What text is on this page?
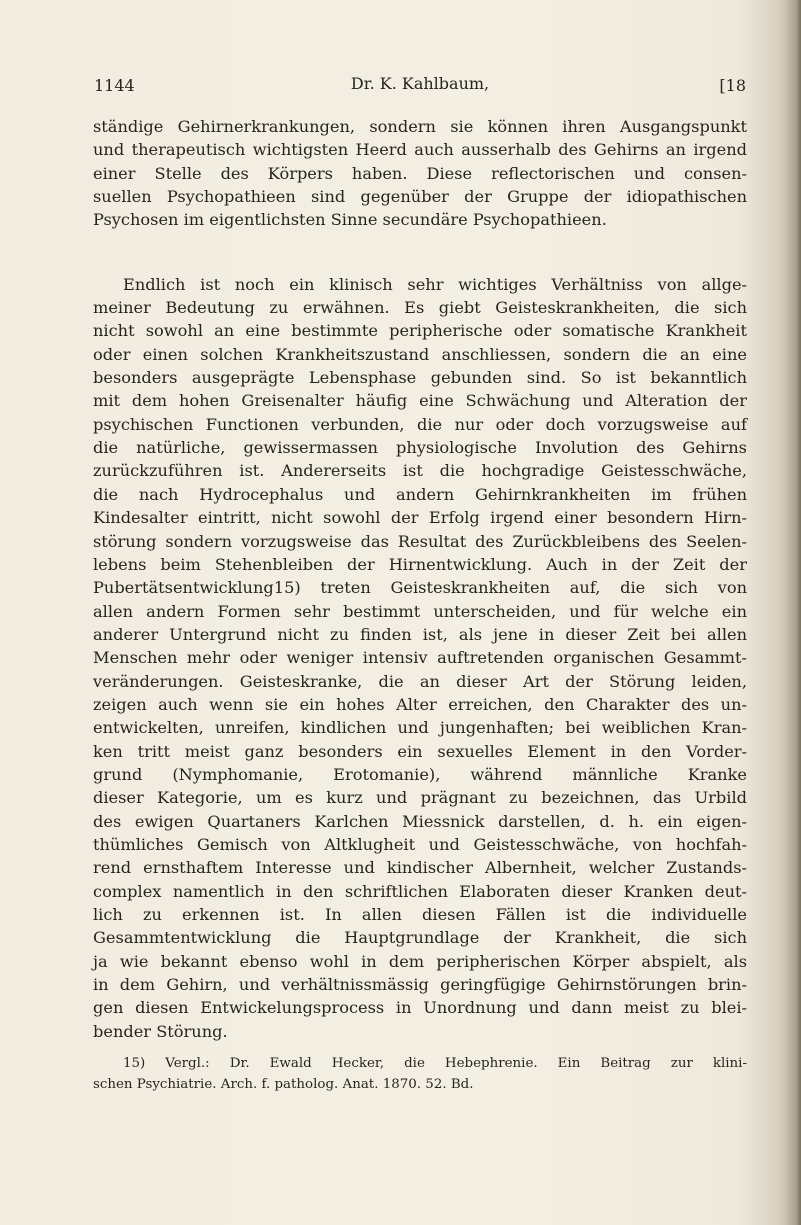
1144	Dr. K. Kahlbaum,	[18
ständige Gehirnerkrankungen, sondern sie können ihren Ausgangspunkt
und therapeutisch wichtigsten Heerd auch ausserhalb des Gehirns an irgend
einer Stelle des Körpers haben. Diese reflectorischen und consen-
suellen Psychopathieen sind gegenüber der Gruppe der idiopathischen
Psychosen im eigentlichsten Sinne secundäre Psychopathieen.
Endlich ist noch ein klinisch sehr wichtiges Verhältniss von allge-
meiner Bedeutung zu erwähnen. Es giebt Geisteskrankheiten, die sich
nicht sowohl an eine bestimmte peripherische oder somatische Krankheit
oder einen solchen Krankheitszustand anschliessen, sondern die an eine
besonders ausgeprägte Lebensphase gebunden sind. So ist bekanntlich
mit dem hohen Greisenalter häufig eine Schwächung und Alteration der
psychischen Functionen verbunden, die nur oder doch vorzugsweise auf
die natürliche, gewissermassen physiologische Involution des Gehirns
zurückzuführen ist. Andererseits ist die hochgradige Geistesschwäche,
die nach Hydrocephalus und andern Gehirnkrankheiten im frühen
Kindesalter eintritt, nicht sowohl der Erfolg irgend einer besondern Hirn-
störung sondern vorzugsweise das Resultat des Zurückbleibens des Seelen-
lebens beim Stehenbleiben der Hirnentwicklung. Auch in der Zeit der
Pubertätsentwicklung15) treten Geisteskrankheiten auf, die sich von
allen andern Formen sehr bestimmt unterscheiden, und für welche ein
anderer Untergrund nicht zu finden ist, als jene in dieser Zeit bei allen
Menschen mehr oder weniger intensiv auftretenden organischen Gesammt-
veränderungen. Geisteskranke, die an dieser Art der Störung leiden,
zeigen auch wenn sie ein hohes Alter erreichen, den Charakter des un-
entwickelten, unreifen, kindlichen und jungenhaften; bei weiblichen Kran-
ken tritt meist ganz besonders ein sexuelles Element in den Vorder-
grund (Nymphomanie, Erotomanie), während männliche Kranke
dieser Kategorie, um es kurz und prägnant zu bezeichnen, das Urbild
des ewigen Quartaners Karlchen Miessnick darstellen, d. h. ein eigen-
thümliches Gemisch von Altklugheit und Geistesschwäche, von hochfah-
rend ernsthaftem Interesse und kindischer Albernheit, welcher Zustands-
complex namentlich in den schriftlichen Elaboraten dieser Kranken deut-
lich zu erkennen ist. In allen diesen Fällen ist die individuelle
Gesammtentwicklung die Hauptgrundlage der Krankheit, die sich
ja wie bekannt ebenso wohl in dem peripherischen Körper abspielt, als
in dem Gehirn, und verhältnissmässig geringfügige Gehirnstörungen brin-
gen diesen Entwickelungsprocess in Unordnung und dann meist zu blei-
bender Störung.
15) Vergl.: Dr. Ewald Hecker, die Hebephrenie. Ein Beitrag zur klini-
schen Psychiatrie. Arch. f. patholog. Anat. 1870. 52. Bd.
